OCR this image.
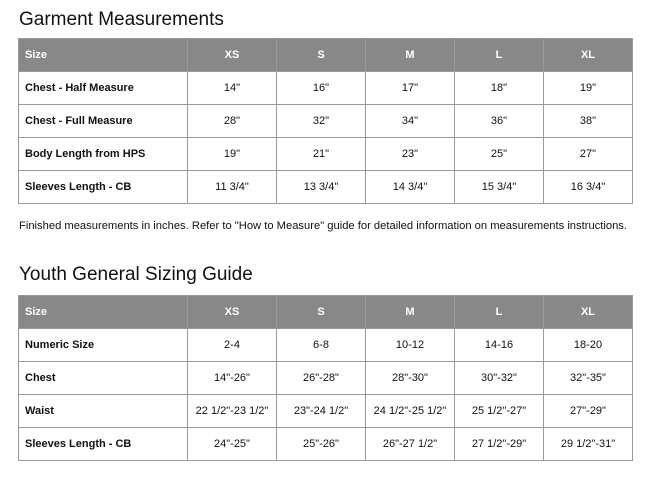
Garment Measurements
Size	XS	S	M	L	XL
Chest - Half Measure	14"	16"	17"	18"	19"
Chest - Full Measure	28"	32"	34"	36"	38"
Body Length from HPS	19"	21"	23"	25"	27"
Sleeves Length - CB	11 3/4"	13 3/4"	14 3/4"	15 3/4"	16 3/4"

Finished measurements in inches. Refer to "How to Measure" guide for detailed information on measurements instructions.

Youth General Sizing Guide
Size	XS	S	M	L	XL
Numeric Size	2-4	6-8	10-12	14-16	18-20
Chest	14"-26"	26"-28"	28"-30"	30"-32"	32"-35"
Waist	22 1/2"-23 1/2"	23"-24 1/2"	24 1/2"-25 1/2"	25 1/2"-27"	27"-29"
Sleeves Length - CB	24"-25"	25"-26"	26"-27 1/2"	27 1/2"-29"	29 1/2"-31"
